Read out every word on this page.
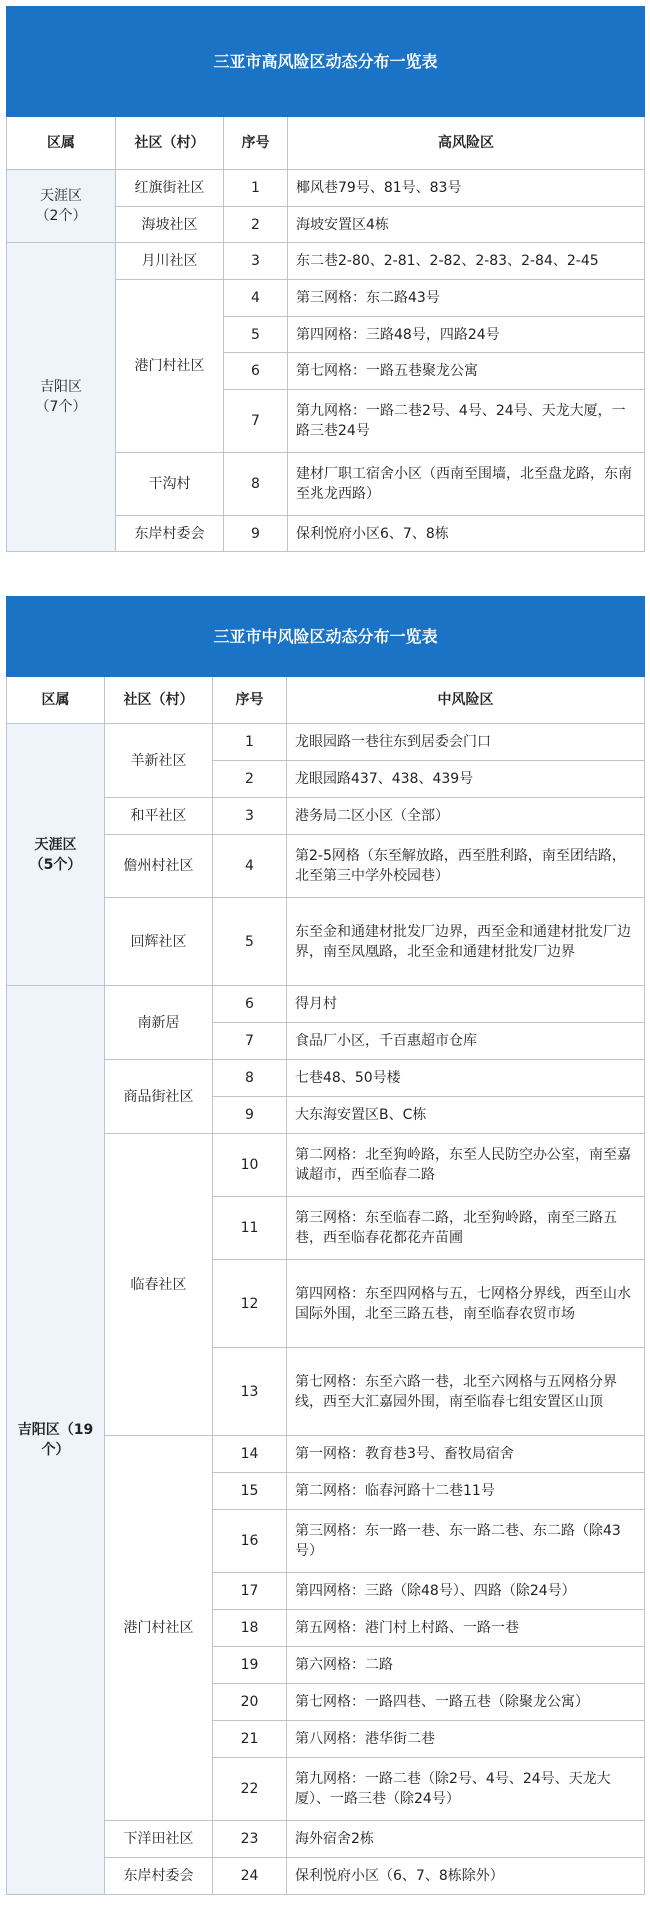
三亚市高风险区动态分布一览表			
区属	社区（村）	序号	高风险区

天涯区
（2个）	红旗街社区	1	椰风巷79号、81号、83号
	海坡社区	2	海坡安置区4栋

吉阳区
（7个）	月川社区	3	东二巷2-80、2-81、2-82、2-83、2-84、2-45
	港门村社区	4	第三网格：东二路43号
		5	第四网格：三路48号，四路24号
		6	第七网格：一路五巷聚龙公寓
		7	第九网格：一路二巷2号、4号、24号、天龙大厦，一路三巷24号
	干沟村	8	建材厂职工宿舍小区（西南至围墙，北至盘龙路，东南至兆龙西路）
	东岸村委会	9	保利悦府小区6、7、8栋
三亚市中风险区动态分布一览表			
区属	社区（村）	序号	中风险区

天涯区
（5个）	羊新社区	1	龙眼园路一巷往东到居委会门口
		2	龙眼园路437、438、439号
	和平社区	3	港务局二区小区（全部）
	儋州村社区	4	第2-5网格（东至解放路，西至胜利路，南至团结路，北至第三中学外校园巷）
	回辉社区	5	东至金和通建材批发厂边界，西至金和通建材批发厂边界，南至凤凰路，北至金和通建材批发厂边界

吉阳区（19
个）	南新居	6	得月村
		7	食品厂小区，千百惠超市仓库
	商品街社区	8	七巷48、50号楼
		9	大东海安置区B、C栋
	临春社区	10	第二网格：北至狗岭路，东至人民防空办公室，南至嘉诚超市，西至临春二路
		11	第三网格：东至临春二路，北至狗岭路，南至三路五巷，西至临春花都花卉苗圃
		12	第四网格：东至四网格与五，七网格分界线，西至山水国际外围，北至三路五巷，南至临春农贸市场
		13	第七网格：东至六路一巷，北至六网格与五网格分界线，西至大汇嘉园外围，南至临春七组安置区山顶
	港门村社区	14	第一网格：教育巷3号、畜牧局宿舍
		15	第二网格：临春河路十二巷11号
		16	第三网格：东一路一巷、东一路二巷、东二路（除43号）
		17	第四网格：三路（除48号）、四路（除24号）
		18	第五网格：港门村上村路、一路一巷
		19	第六网格：二路
		20	第七网格：一路四巷、一路五巷（除聚龙公寓）
		21	第八网格：港华街二巷
		22	第九网格：一路二巷（除2号、4号、24号、天龙大厦）、一路三巷（除24号）
	下洋田社区	23	海外宿舍2栋
	东岸村委会	24	保利悦府小区（6、7、8栋除外）
